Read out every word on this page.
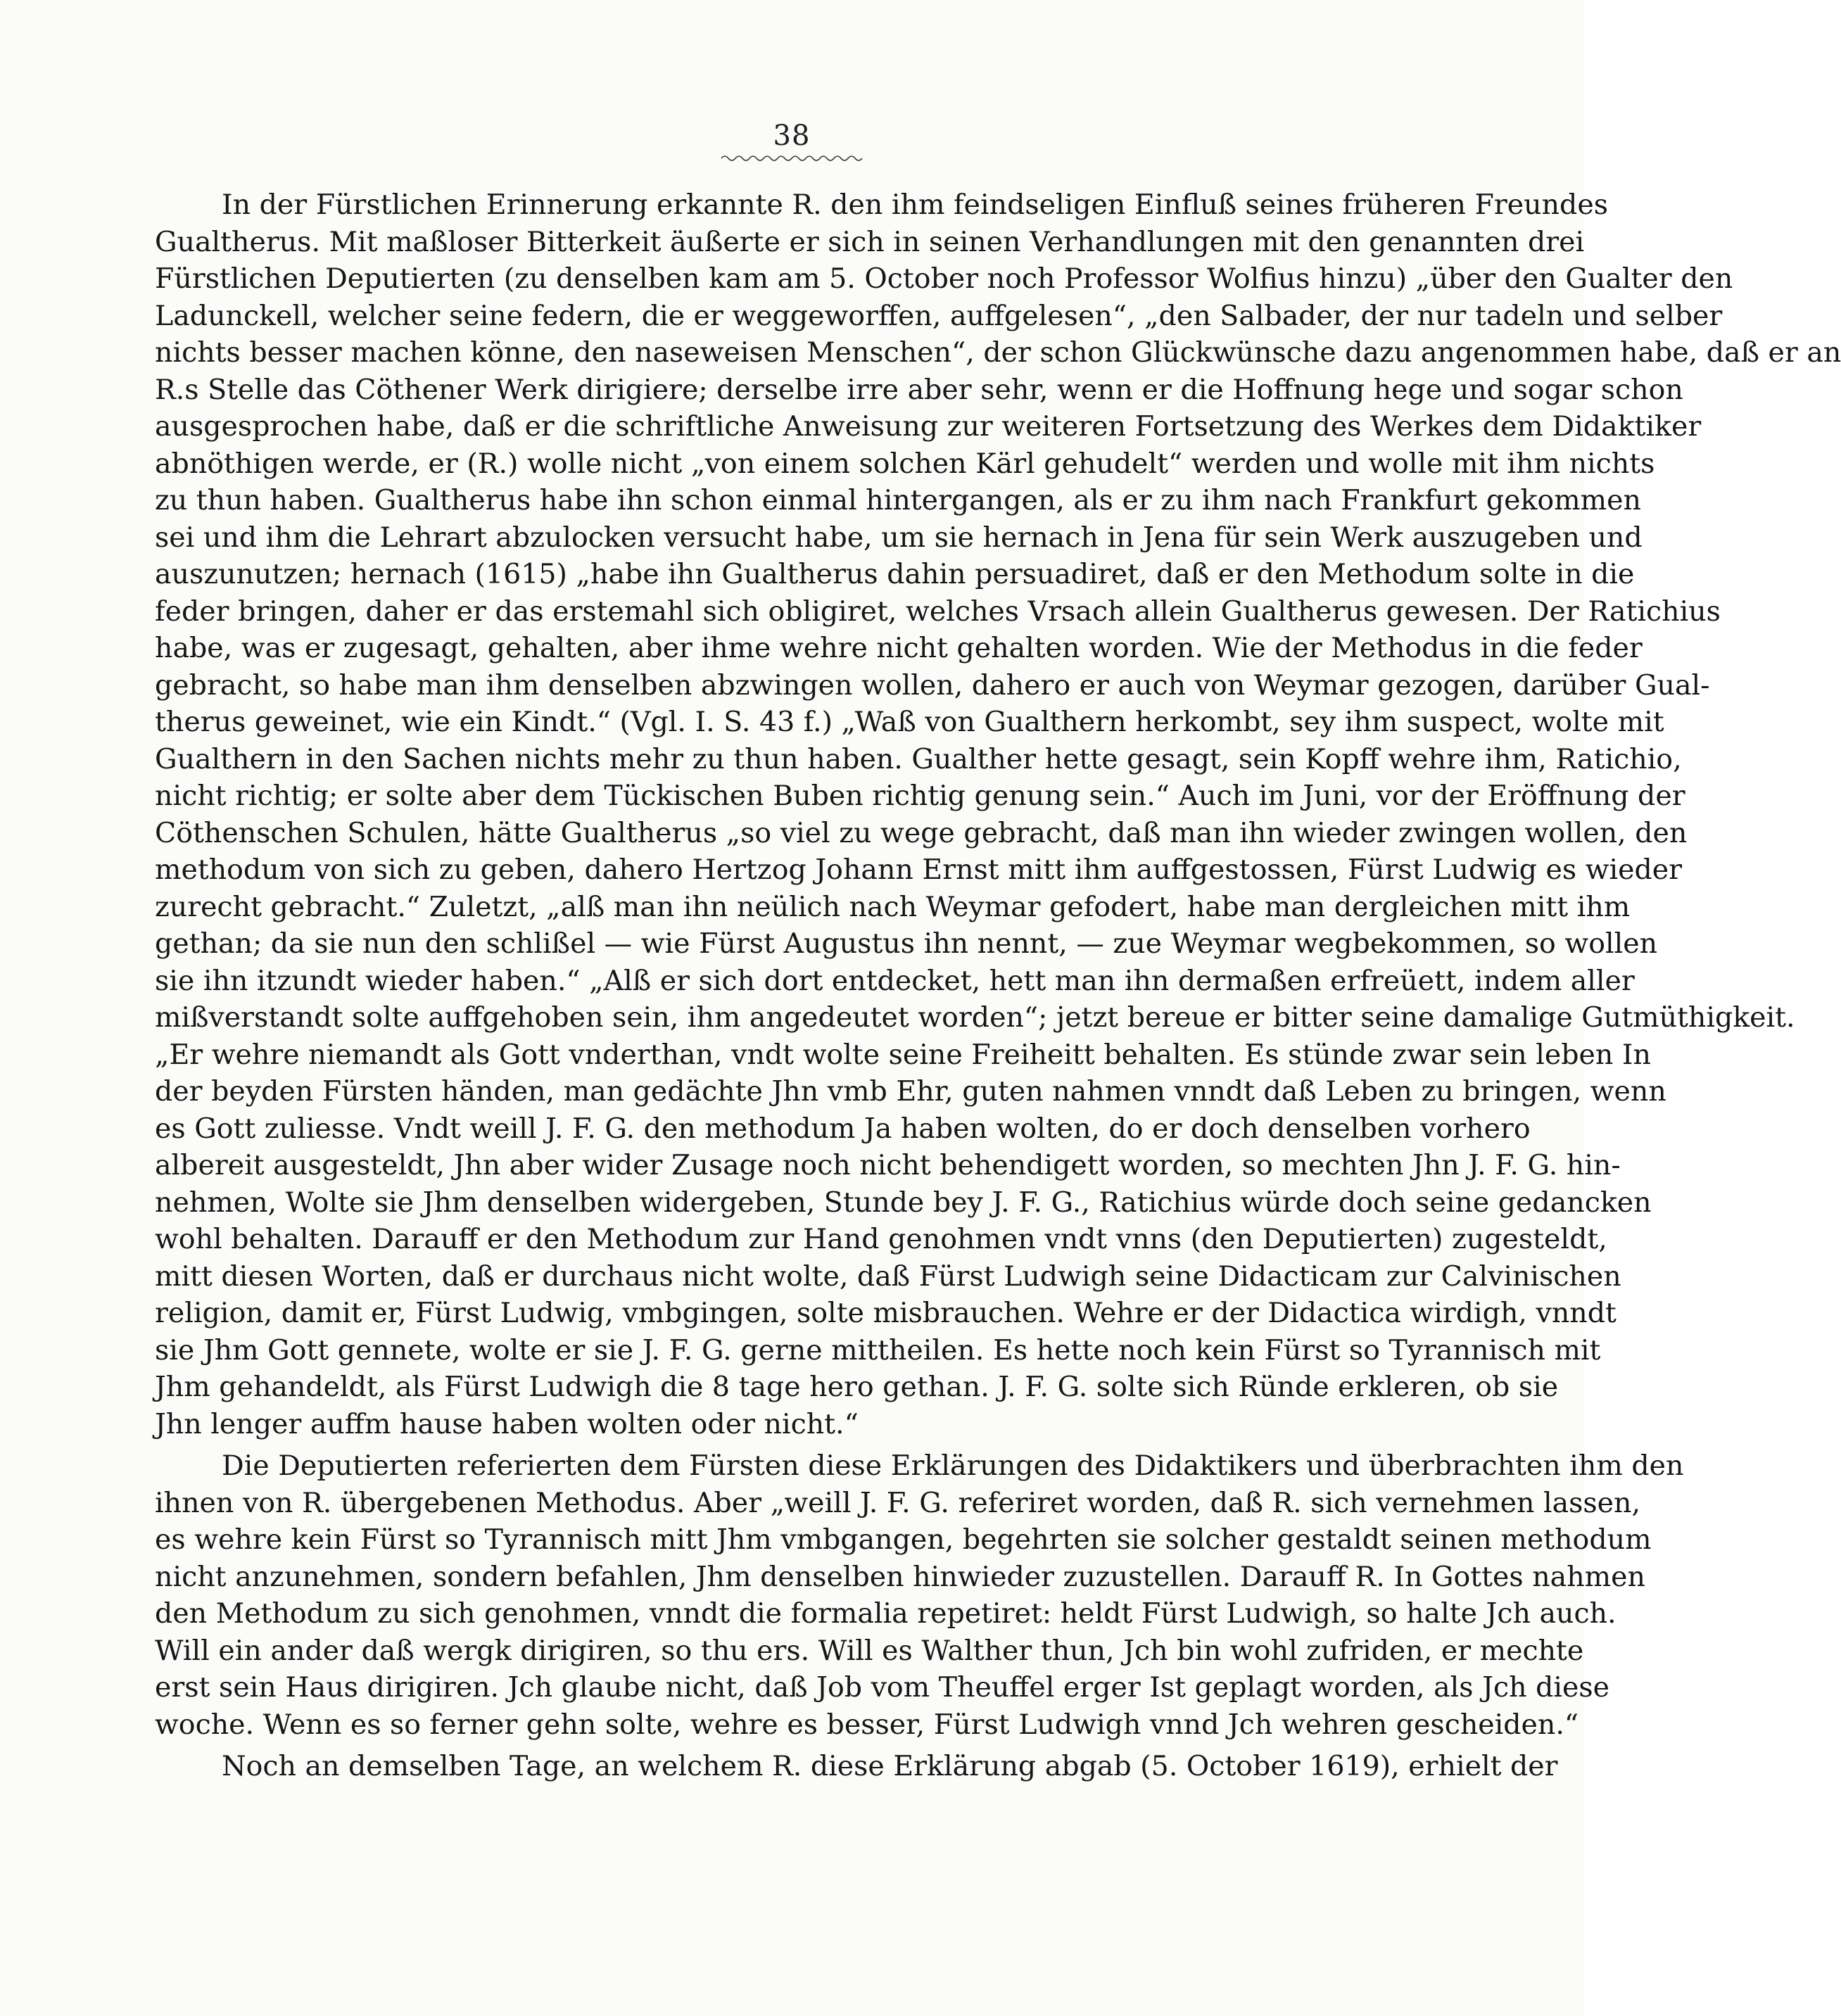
38
In der Fürstlichen Erinnerung erkannte R. den ihm feindseligen Einfluß seines früheren Freundes
Gualtherus. Mit maßloser Bitterkeit äußerte er sich in seinen Verhandlungen mit den genannten drei
Fürstlichen Deputierten (zu denselben kam am 5. October noch Professor Wolfius hinzu) „über den Gualter den
Ladunckell, welcher seine federn, die er weggeworffen, auffgelesen“, „den Salbader, der nur tadeln und selber
nichts besser machen könne, den naseweisen Menschen“, der schon Glückwünsche dazu angenommen habe, daß er an
R.s Stelle das Cöthener Werk dirigiere; derselbe irre aber sehr, wenn er die Hoffnung hege und sogar schon
ausgesprochen habe, daß er die schriftliche Anweisung zur weiteren Fortsetzung des Werkes dem Didaktiker
abnöthigen werde, er (R.) wolle nicht „von einem solchen Kärl gehudelt“ werden und wolle mit ihm nichts
zu thun haben. Gualtherus habe ihn schon einmal hintergangen, als er zu ihm nach Frankfurt gekommen
sei und ihm die Lehrart abzulocken versucht habe, um sie hernach in Jena für sein Werk auszugeben und
auszunutzen; hernach (1615) „habe ihn Gualtherus dahin persuadiret, daß er den Methodum solte in die
feder bringen, daher er das erstemahl sich obligiret, welches Vrsach allein Gualtherus gewesen. Der Ratichius
habe, was er zugesagt, gehalten, aber ihme wehre nicht gehalten worden. Wie der Methodus in die feder
gebracht, so habe man ihm denselben abzwingen wollen, dahero er auch von Weymar gezogen, darüber Gual-
therus geweinet, wie ein Kindt.“ (Vgl. I. S. 43 f.) „Waß von Gualthern herkombt, sey ihm suspect, wolte mit
Gualthern in den Sachen nichts mehr zu thun haben. Gualther hette gesagt, sein Kopff wehre ihm, Ratichio,
nicht richtig; er solte aber dem Tückischen Buben richtig genung sein.“ Auch im Juni, vor der Eröffnung der
Cöthenschen Schulen, hätte Gualtherus „so viel zu wege gebracht, daß man ihn wieder zwingen wollen, den
methodum von sich zu geben, dahero Hertzog Johann Ernst mitt ihm auffgestossen, Fürst Ludwig es wieder
zurecht gebracht.“ Zuletzt, „alß man ihn neülich nach Weymar gefodert, habe man dergleichen mitt ihm
gethan; da sie nun den schlißel — wie Fürst Augustus ihn nennt, — zue Weymar wegbekommen, so wollen
sie ihn itzundt wieder haben.“ „Alß er sich dort entdecket, hett man ihn dermaßen erfreüett, indem aller
mißverstandt solte auffgehoben sein, ihm angedeutet worden“; jetzt bereue er bitter seine damalige Gutmüthigkeit.
„Er wehre niemandt als Gott vnderthan, vndt wolte seine Freiheitt behalten. Es stünde zwar sein leben In
der beyden Fürsten händen, man gedächte Jhn vmb Ehr, guten nahmen vnndt daß Leben zu bringen, wenn
es Gott zuliesse. Vndt weill J. F. G. den methodum Ja haben wolten, do er doch denselben vorhero
albereit ausgesteldt, Jhn aber wider Zusage noch nicht behendigett worden, so mechten Jhn J. F. G. hin-
nehmen, Wolte sie Jhm denselben widergeben, Stunde bey J. F. G., Ratichius würde doch seine gedancken
wohl behalten. Darauff er den Methodum zur Hand genohmen vndt vnns (den Deputierten) zugesteldt,
mitt diesen Worten, daß er durchaus nicht wolte, daß Fürst Ludwigh seine Didacticam zur Calvinischen
religion, damit er, Fürst Ludwig, vmbgingen, solte misbrauchen. Wehre er der Didactica wirdigh, vnndt
sie Jhm Gott gennete, wolte er sie J. F. G. gerne mittheilen. Es hette noch kein Fürst so Tyrannisch mit
Jhm gehandeldt, als Fürst Ludwigh die 8 tage hero gethan. J. F. G. solte sich Ründe erkleren, ob sie
Jhn lenger auffm hause haben wolten oder nicht.“
Die Deputierten referierten dem Fürsten diese Erklärungen des Didaktikers und überbrachten ihm den
ihnen von R. übergebenen Methodus. Aber „weill J. F. G. referiret worden, daß R. sich vernehmen lassen,
es wehre kein Fürst so Tyrannisch mitt Jhm vmbgangen, begehrten sie solcher gestaldt seinen methodum
nicht anzunehmen, sondern befahlen, Jhm denselben hinwieder zuzustellen. Darauff R. In Gottes nahmen
den Methodum zu sich genohmen, vnndt die formalia repetiret: heldt Fürst Ludwigh, so halte Jch auch.
Will ein ander daß wergk dirigiren, so thu ers. Will es Walther thun, Jch bin wohl zufriden, er mechte
erst sein Haus dirigiren. Jch glaube nicht, daß Job vom Theuffel erger Ist geplagt worden, als Jch diese
woche. Wenn es so ferner gehn solte, wehre es besser, Fürst Ludwigh vnnd Jch wehren gescheiden.“
Noch an demselben Tage, an welchem R. diese Erklärung abgab (5. October 1619), erhielt der
